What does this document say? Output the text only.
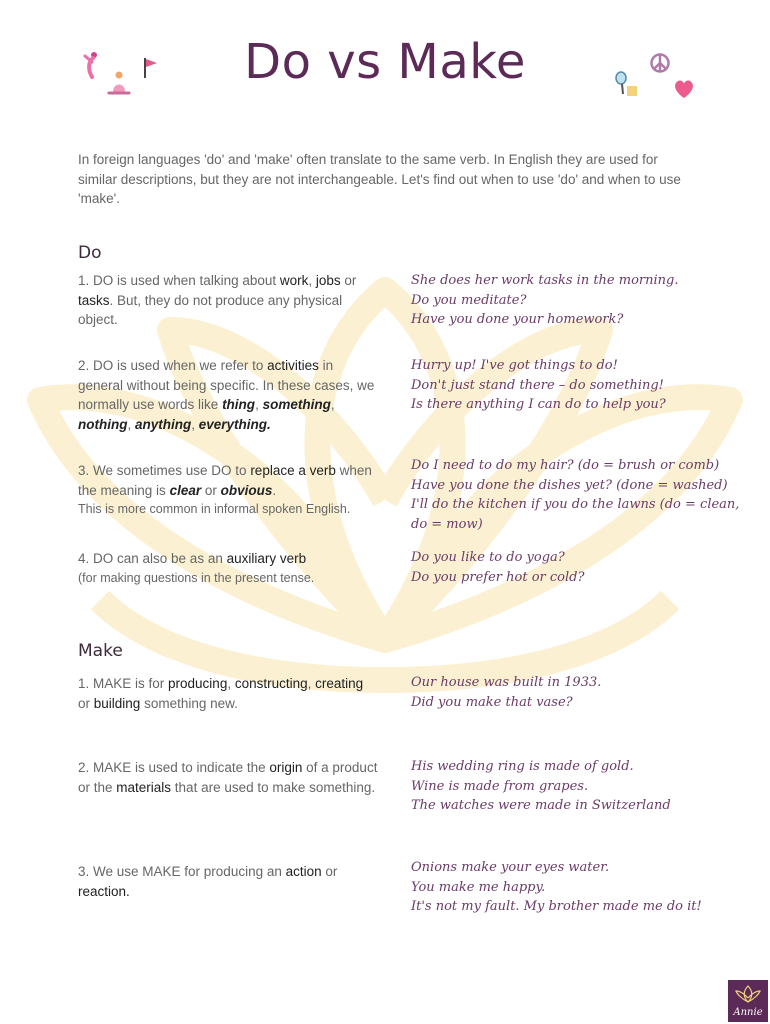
Do vs Make
In foreign languages 'do' and 'make' often translate to the same verb. In English they are used for similar descriptions, but they are not interchangeable. Let's find out when to use 'do' and when to use 'make'.
Do
1. DO is used when talking about work, jobs or tasks. But, they do not produce any physical object.
She does her work tasks in the morning.
Do you meditate?
Have you done your homework?
2. DO is used when we refer to activities in general without being specific. In these cases, we normally use words like thing, something, nothing, anything, everything.
Hurry up! I've got things to do!
Don't just stand there – do something!
Is there anything I can do to help you?
3. We sometimes use DO to replace a verb when the meaning is clear or obvious.
This is more common in informal spoken English.
Do I need to do my hair? (do = brush or comb)
Have you done the dishes yet? (done = washed)
I'll do the kitchen if you do the lawns (do = clean, do = mow)
4. DO can also be as an auxiliary verb
(for making questions in the present tense.
Do you like to do yoga?
Do you prefer hot or cold?
Make
1. MAKE is for producing, constructing, creating or building something new.
Our house was built in 1933.
Did you make that vase?
2. MAKE is used to indicate the origin of a product or the materials that are used to make something.
His wedding ring is made of gold.
Wine is made from grapes.
The watches were made in Switzerland
3. We use MAKE for producing an action or reaction.
Onions make your eyes water.
You make me happy.
It's not my fault. My brother made me do it!
Annie
